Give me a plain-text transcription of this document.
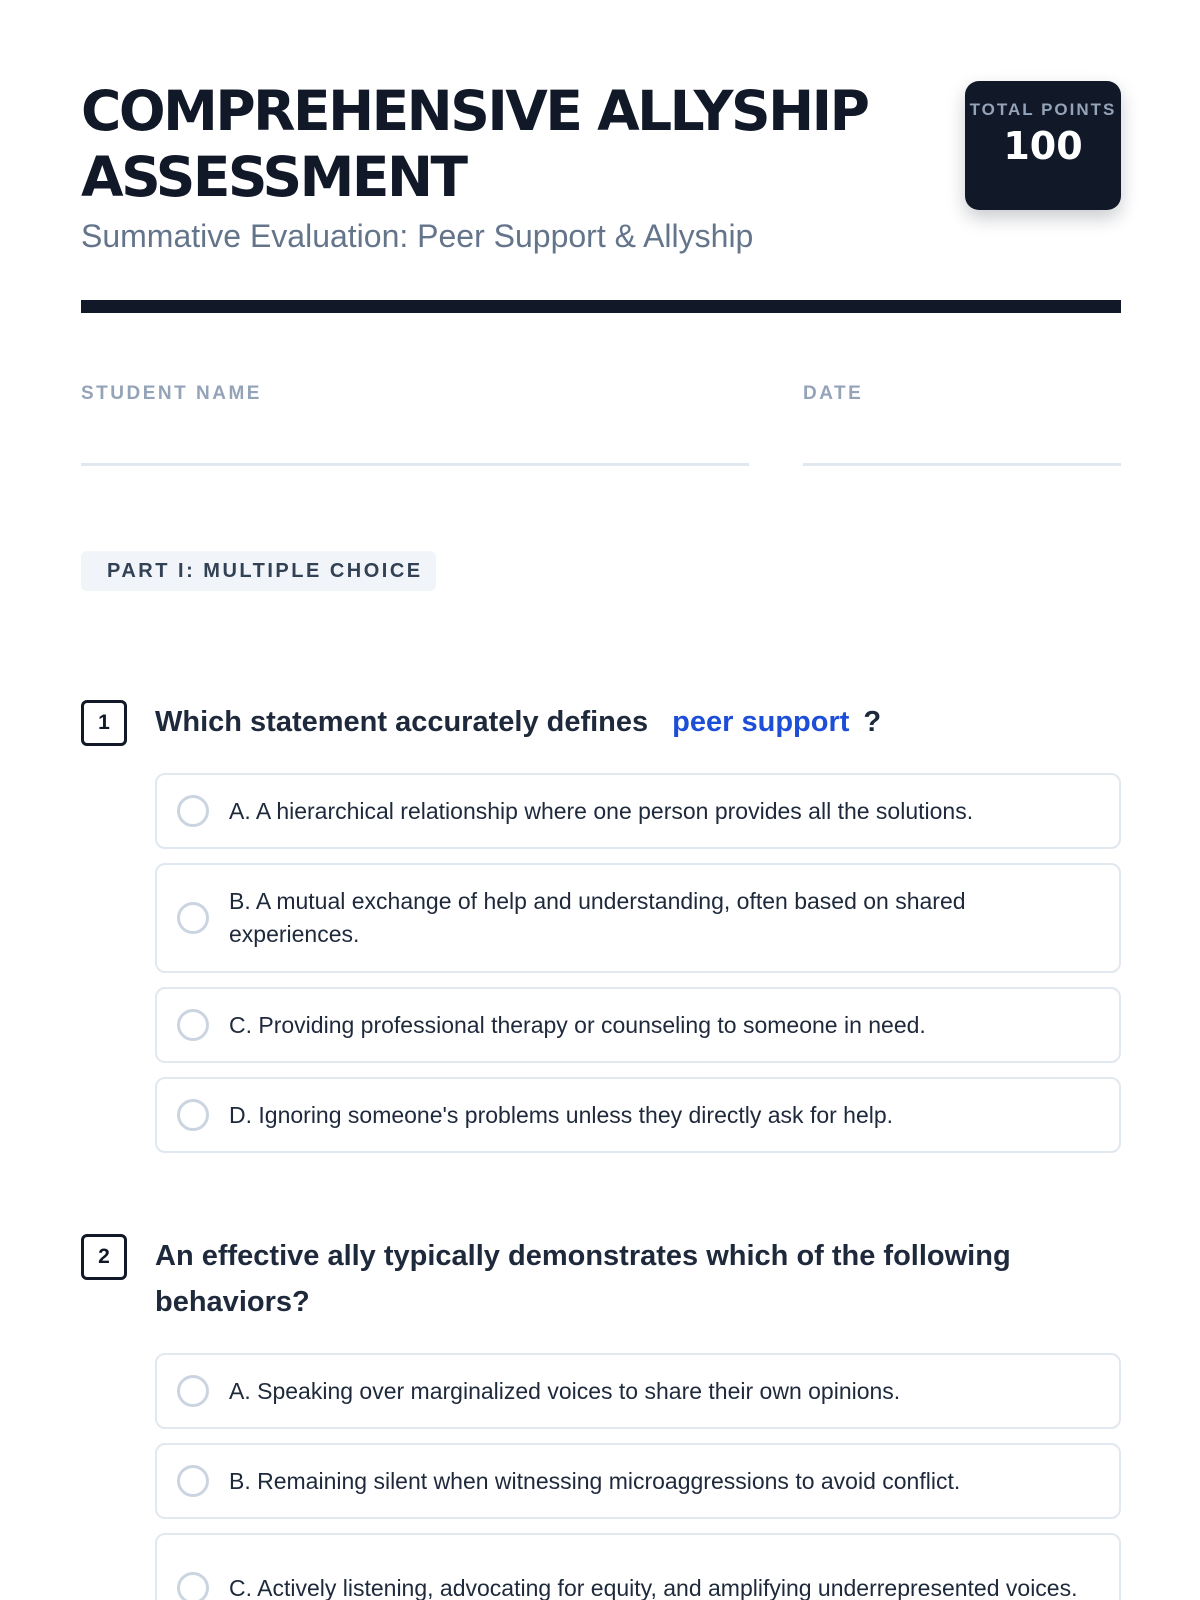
COMPREHENSIVE ALLYSHIP ASSESSMENT
Summative Evaluation: Peer Support & Allyship
TOTAL POINTS
100
STUDENT NAME	DATE
PART I: MULTIPLE CHOICE
1	Which statement accurately defines peer support ?
A. A hierarchical relationship where one person provides all the solutions.
B. A mutual exchange of help and understanding, often based on shared experiences.
C. Providing professional therapy or counseling to someone in need.
D. Ignoring someone's problems unless they directly ask for help.
2	An effective ally typically demonstrates which of the following behaviors?
A. Speaking over marginalized voices to share their own opinions.
B. Remaining silent when witnessing microaggressions to avoid conflict.
C. Actively listening, advocating for equity, and amplifying underrepresented voices.
